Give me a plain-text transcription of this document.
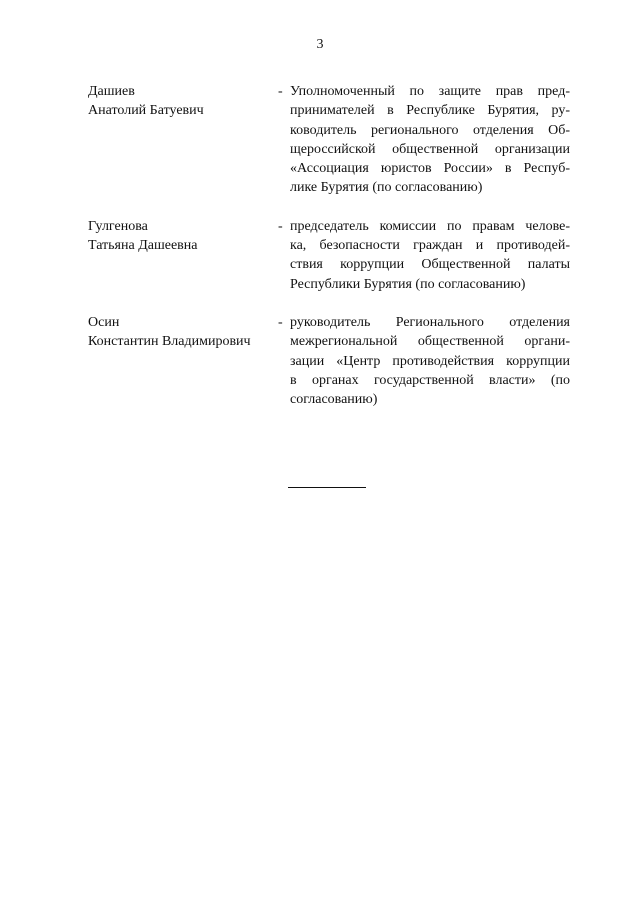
3
Дашиев
Анатолий Батуевич
- Уполномоченный по защите прав пред-
принимателей в Республике Бурятия, ру-
ководитель регионального отделения Об-
щероссийской общественной организации
«Ассоциация юристов России» в Респуб-
лике Бурятия (по согласованию)
Гулгенова
Татьяна Дашеевна
- председатель комиссии по правам челове-
ка, безопасности граждан и противодей-
ствия коррупции Общественной палаты
Республики Бурятия (по согласованию)
Осин
Константин Владимирович
- руководитель Регионального отделения
межрегиональной общественной органи-
зации «Центр противодействия коррупции
в органах государственной власти» (по
согласованию)
